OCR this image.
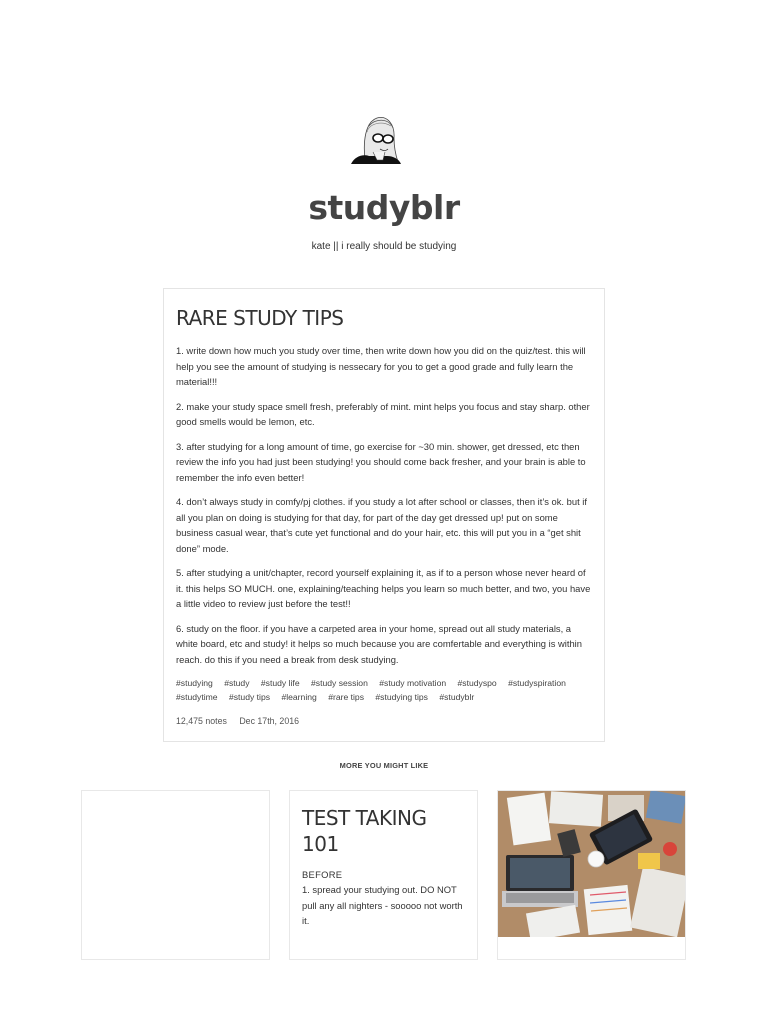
studyblr
kate || i really should be studying
RARE STUDY TIPS

1. write down how much you study over time, then write down how you did on the quiz/test. this will help you see the amount of studying is nessecary for you to get a good grade and fully learn the material!!!

2. make your study space smell fresh, preferably of mint. mint helps you focus and stay sharp. other good smells would be lemon, etc.

3. after studying for a long amount of time, go exercise for ~30 min. shower, get dressed, etc then review the info you had just been studying! you should come back fresher, and your brain is able to remember the info even better!

4. don’t always study in comfy/pj clothes. if you study a lot after school or classes, then it’s ok. but if all you plan on doing is studying for that day, for part of the day get dressed up! put on some business casual wear, that’s cute yet functional and do your hair, etc. this will put you in a “get shit done” mode.

5. after studying a unit/chapter, record yourself explaining it, as if to a person whose never heard of it. this helps SO MUCH. one, explaining/teaching helps you learn so much better, and two, you have a little video to review just before the test!!

6. study on the floor. if you have a carpeted area in your home, spread out all study materials, a white board, etc and study! it helps so much because you are comfertable and everything is within reach. do this if you need a break from desk studying.

#studying #study #study life #study session #study motivation #studyspo #studyspiration
#studytime #study tips #learning #rare tips #studying tips #studyblr
12,475 notes Dec 17th, 2016
MORE YOU MIGHT LIKE
TEST TAKING 101
BEFORE
1. spread your studying out. DO NOT pull any all nighters - sooooo not worth it.
